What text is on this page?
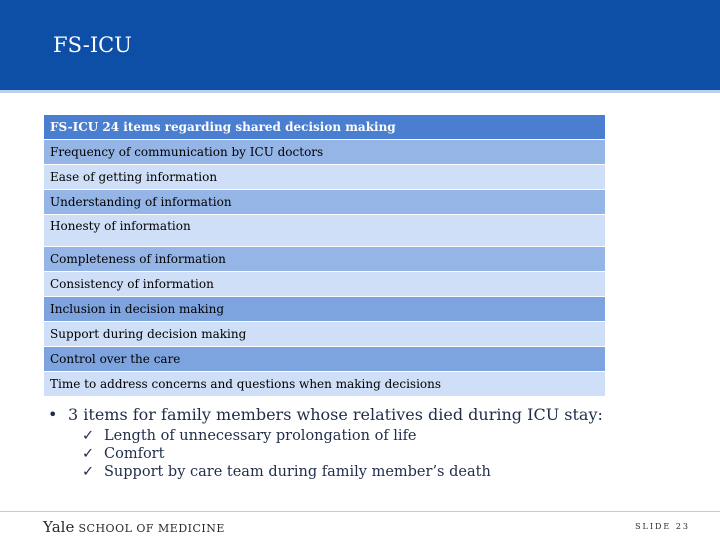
FS-ICU
FS-ICU 24 items regarding shared decision making
Frequency of communication by ICU doctors
Ease of getting information
Understanding of information
Honesty of information
Completeness of information
Consistency of information
Inclusion in decision making
Support during decision making
Control over the care
Time to address concerns and questions when making decisions

• 3 items for family members whose relatives died during ICU stay:

✓ Length of unnecessary prolongation of life
✓ Comfort
✓ Support by care team during family member’s death
Yale SCHOOL OF MEDICINE	SLIDE 23
